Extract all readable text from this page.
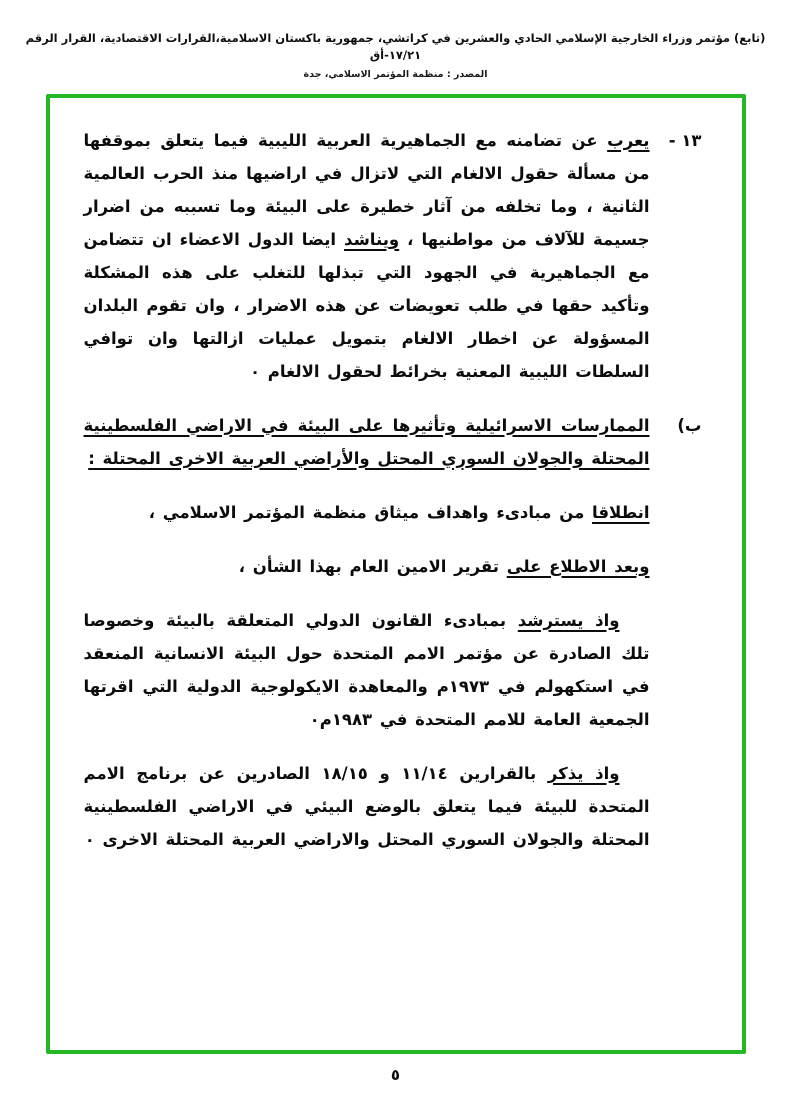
(تابع) مؤتمر وزراء الخارجية الإسلامي الحادي والعشرين في كراتشي، جمهورية باكستان الاسلامية،القرارات الاقتصادية، القرار الرقم ١٧/٢١-أق
المصدر : منظمة المؤتمر الاسلامي، جدة
١٣ -
يعرب عن تضامنه مع الجماهيرية العربية الليبية فيما يتعلق بموقفها من مسألة حقول الالغام التي لاتزال في اراضيها منذ الحرب العالمية الثانية ، وما تخلفه من آثار خطيرة على البيئة وما تسببه من اضرار جسيمة للآلاف من مواطنيها ، ويناشد ايضا الدول الاعضاء ان تتضامن مع الجماهيرية في الجهود التي تبذلها للتغلب على هذه المشكلة وتأكيد حقها في طلب تعويضات عن هذه الاضرار ، وان تقوم البلدان المسؤولة عن اخطار الالغام بتمويل عمليات ازالتها وان توافي السلطات الليبية المعنية بخرائط لحقول الالغام ٠
ب)
الممارسات الاسرائيلية وتأثيرها على البيئة في الاراضي الفلسطينية المحتلة والجولان السوري المحتل والأراضي العربية الاخرى المحتلة :
انطلاقا من مبادىء واهداف ميثاق منظمة المؤتمر الاسلامي ،
وبعد الاطلاع على تقرير الامين العام بهذا الشأن ،
واذ يسترشد بمبادىء القانون الدولي المتعلقة بالبيئة وخصوصا تلك الصادرة عن مؤتمر الامم المتحدة حول البيئة الانسانية المنعقد في استكهولم في ١٩٧٣م والمعاهدة الايكولوجية الدولية التي اقرتها الجمعية العامة للامم المتحدة في ١٩٨٣م٠
واذ يذكر بالقرارين ١١/١٤ و ١٨/١٥ الصادرين عن برنامج الامم المتحدة للبيئة فيما يتعلق بالوضع البيئي في الاراضي الفلسطينية المحتلة والجولان السوري المحتل والاراضي العربية المحتلة الاخرى ٠
٥
